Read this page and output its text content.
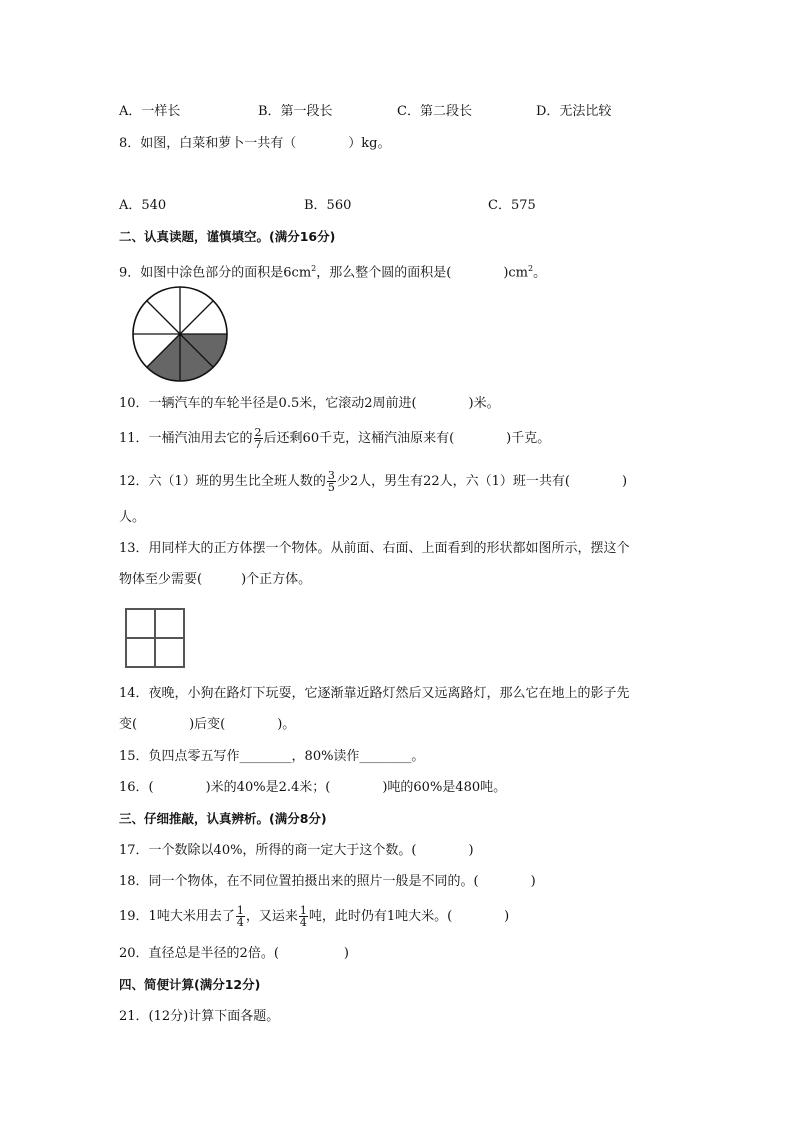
A．一样长	B．第一段长	C．第二段长	D．无法比较
8．如图，白菜和萝卜一共有（　　　　）kg。
A．540	B．560	C．575
二、认真读题，谨慎填空。(满分16分)
9．如图中涂色部分的面积是$6cm^2$，那么整个圆的面积是(　　　　)$cm^2$。
10．一辆汽车的车轮半径是0.5米，它滚动2周前进(　　　　)米。
11．一桶汽油用去它的 $\frac{2}{7}$ 后还剩60千克，这桶汽油原来有(　　　　)千克。
12．六（1）班的男生比全班人数的 $\frac{3}{5}$ 少2人，男生有22人，六（1）班一共有(　　　　)
人。
13．用同样大的正方体摆一个物体。从前面、右面、上面看到的形状都如图所示，摆这个
物体至少需要(　　　)个正方体。
14．夜晚，小狗在路灯下玩耍，它逐渐靠近路灯然后又远离路灯，那么它在地上的影子先
变(　　　　)后变(　　　　)。
15．负四点零五写作________，80%读作________。
16．(　　　　)米的40%是2.4米；(　　　　)吨的60%是480吨。
三、仔细推敲，认真辨析。(满分8分)
17．一个数除以40%，所得的商一定大于这个数。(　　　　)
18．同一个物体，在不同位置拍摄出来的照片一般是不同的。(　　　　)
19．1吨大米用去了 $\frac{1}{4}$ ，又运来 $\frac{1}{4}$ 吨，此时仍有1吨大米。(　　　　)
20．直径总是半径的2倍。(　　　　　)
四、简便计算(满分12分)
21．(12分)计算下面各题。
